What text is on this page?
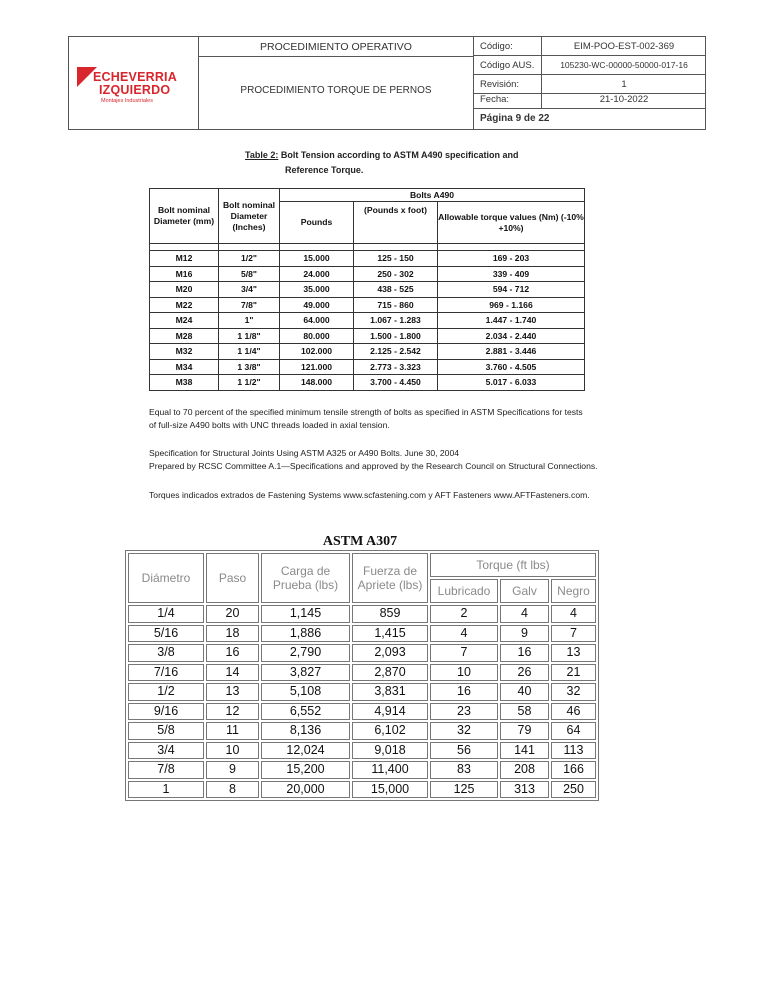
ECHEVERRIA
IZQUIERDO
Montajes Industriales
PROCEDIMIENTO OPERATIVO
PROCEDIMIENTO TORQUE DE PERNOS
Código:	EIM-POO-EST-002-369
Código AUS.	105230-WC-00000-50000-017-16
Revisión:	1
Fecha:	21-10-2022
Página 9 de 22
Table 2: Bolt Tension according to ASTM A490 specification and
Reference Torque.
Bolt nominal Diameter (mm)	Bolt nominal Diameter (Inches)	Bolts A490		
		Pounds	(Pounds x foot)	Allowable torque values (Nm) (-10% +10%)

M12	1/2"	15.000	125 - 150	169 - 203
M16	5/8"	24.000	250 - 302	339 - 409
M20	3/4"	35.000	438 - 525	594 - 712
M22	7/8"	49.000	715 - 860	969 - 1.166
M24	1"	64.000	1.067 - 1.283	1.447 - 1.740
M28	1 1/8"	80.000	1.500 - 1.800	2.034 - 2.440
M32	1 1/4"	102.000	2.125 - 2.542	2.881 - 3.446
M34	1 3/8"	121.000	2.773 - 3.323	3.760 - 4.505
M38	1 1/2"	148.000	3.700 - 4.450	5.017 - 6.033
Equal to 70 percent of the specified minimum tensile strength of bolts as specified in ASTM Specifications for tests
of full-size A490 bolts with UNC threads loaded in axial tension.
Specification for Structural Joints Using ASTM A325 or A490 Bolts. June 30, 2004
Prepared by RCSC Committee A.1—Specifications and approved by the Research Council on Structural Connections.
Torques indicados extrados de Fastening Systems www.scfastening.com y AFT Fasteners www.AFTFasteners.com.
ASTM A307
Diámetro	Paso	Carga de Prueba (lbs)	Fuerza de Apriete (lbs)	Torque (ft lbs)		
				Lubricado	Galv	Negro
1/4	20	1,145	859	2	4	4
5/16	18	1,886	1,415	4	9	7
3/8	16	2,790	2,093	7	16	13
7/16	14	3,827	2,870	10	26	21
1/2	13	5,108	3,831	16	40	32
9/16	12	6,552	4,914	23	58	46
5/8	11	8,136	6,102	32	79	64
3/4	10	12,024	9,018	56	141	113
7/8	9	15,200	11,400	83	208	166
1	8	20,000	15,000	125	313	250
